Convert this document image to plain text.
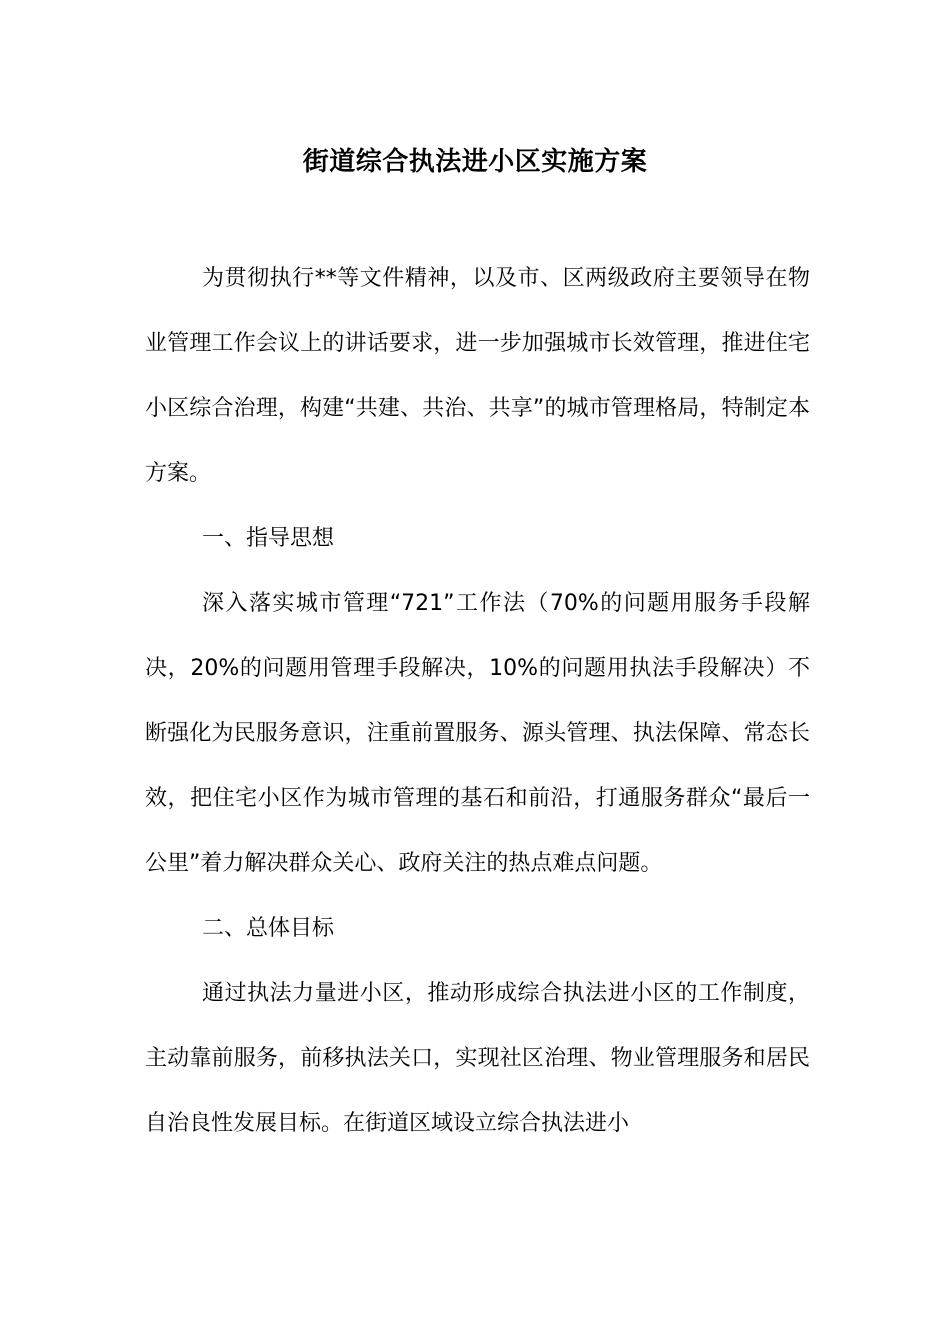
街道综合执法进小区实施方案

为贯彻执行**等文件精神，以及市、区两级政府主要领导在物业管理工作会议上的讲话要求，进一步加强城市长效管理，推进住宅小区综合治理，构建“共建、共治、共享”的城市管理格局，特制定本方案。

一、指导思想

深入落实城市管理“721”工作法（70%的问题用服务手段解决，20%的问题用管理手段解决，10%的问题用执法手段解决）不断强化为民服务意识，注重前置服务、源头管理、执法保障、常态长效，把住宅小区作为城市管理的基石和前沿，打通服务群众“最后一公里”着力解决群众关心、政府关注的热点难点问题。

二、总体目标

通过执法力量进小区，推动形成综合执法进小区的工作制度，主动靠前服务，前移执法关口，实现社区治理、物业管理服务和居民自治良性发展目标。在街道区域设立综合执法进小
